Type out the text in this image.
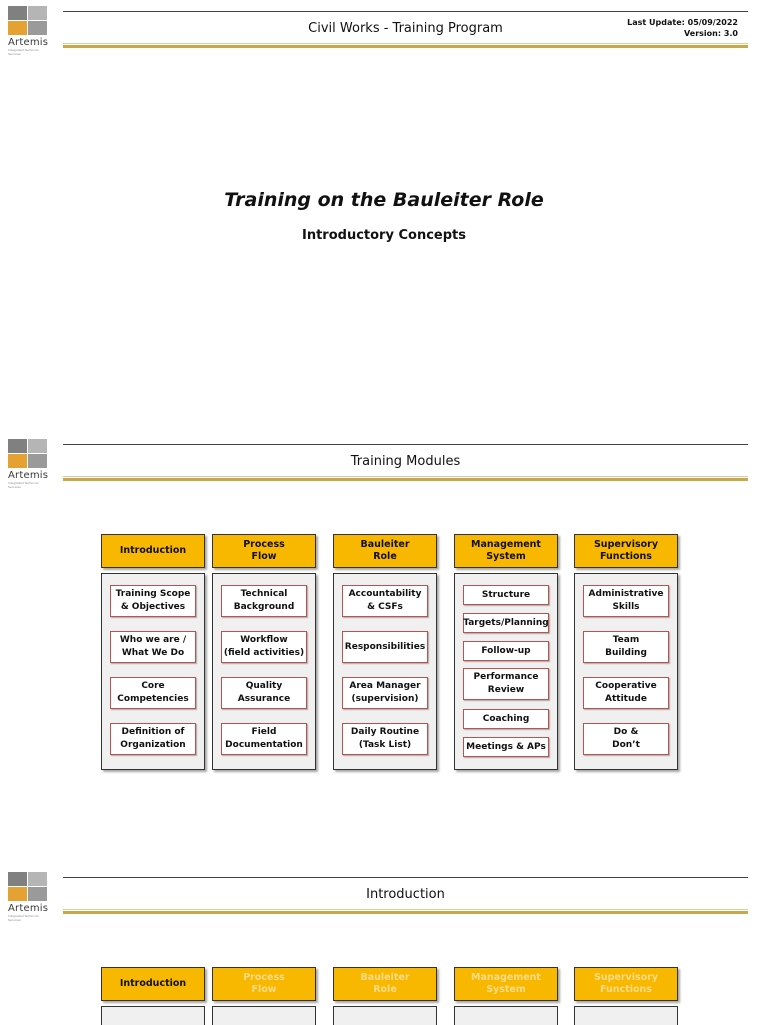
Artemis
Integrated Technical Services
Civil Works - Training Program	Last Update: 05/09/2022
Version: 3.0
Training on the Bauleiter Role
Introductory Concepts
Artemis
Integrated Technical Services
Training Modules
Introduction
Process
Flow
Bauleiter
Role
Management
System
Supervisory
Functions
Training Scope
& Objectives
Who we are /
What We Do
Core
Competencies
Definition of
Organization
Technical
Background
Workflow
(field activities)
Quality
Assurance
Field
Documentation
Accountability
& CSFs
Responsibilities
Area Manager
(supervision)
Daily Routine
(Task List)
Structure
Targets/Planning
Follow-up
Performance
Review
Coaching
Meetings & APs
Administrative
Skills
Team
Building
Cooperative
Attitude
Do &
Don’t
Artemis
Integrated Technical Services
Introduction
Introduction
Process
Flow
Bauleiter
Role
Management
System
Supervisory
Functions
